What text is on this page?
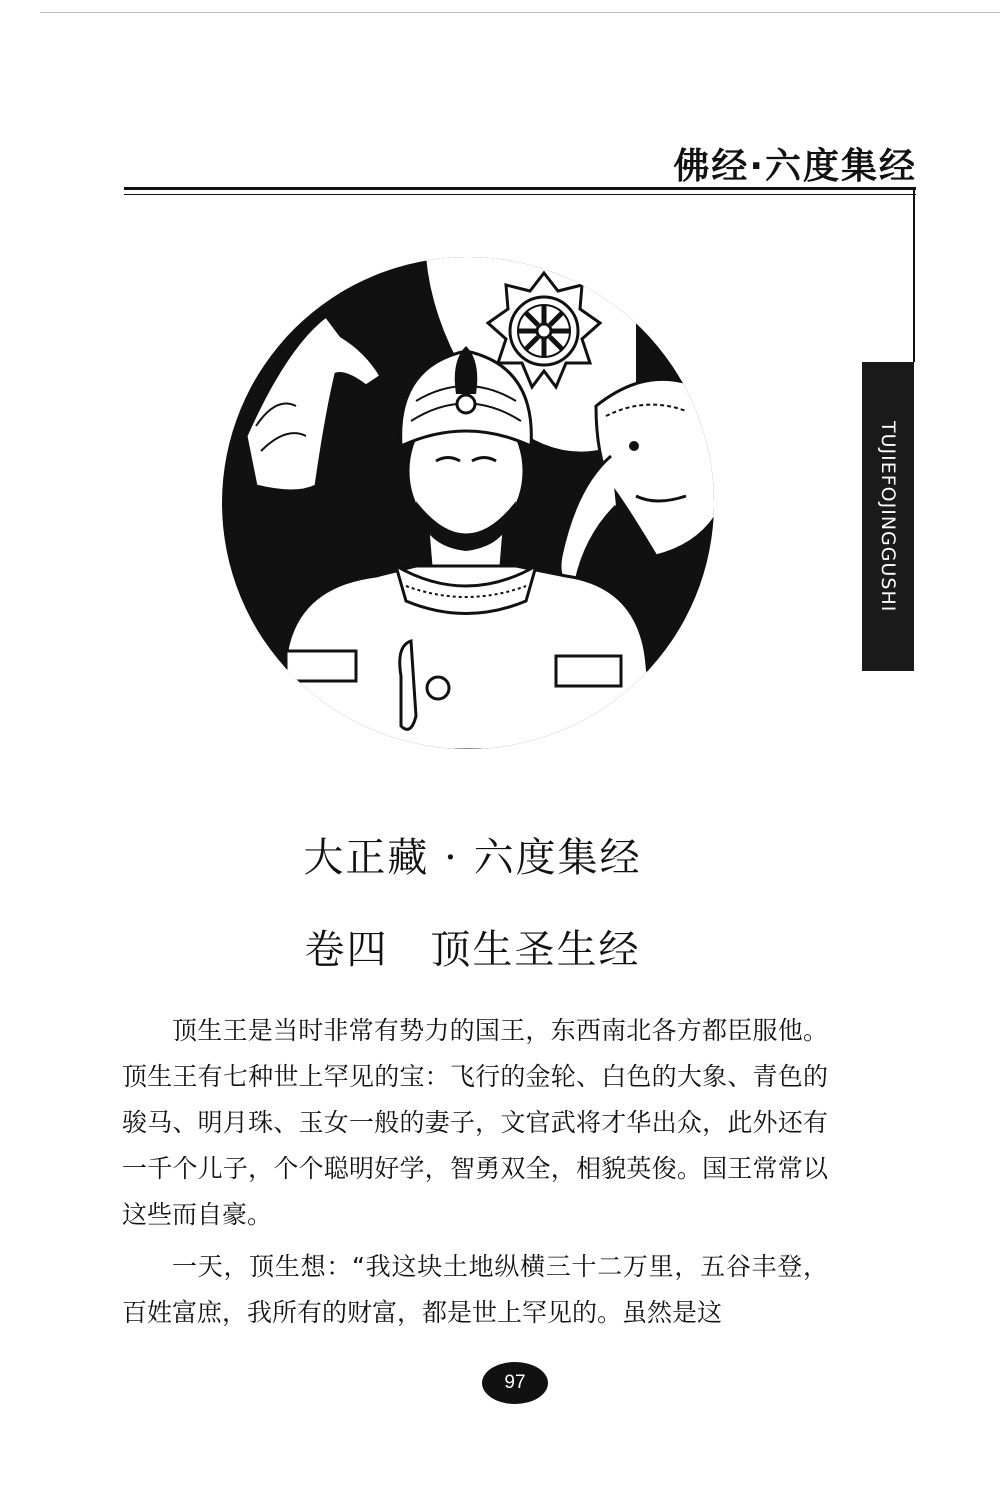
佛经·六度集经
TUJIEFOJINGGUSHI
大正藏 · 六度集经
卷四　顶生圣生经

顶生王是当时非常有势力的国王，东西南北各方都臣服他。顶生王有七种世上罕见的宝：飞行的金轮、白色的大象、青色的骏马、明月珠、玉女一般的妻子，文官武将才华出众，此外还有一千个儿子，个个聪明好学，智勇双全，相貌英俊。国王常常以这些而自豪。

一天，顶生想：“我这块土地纵横三十二万里，五谷丰登，百姓富庶，我所有的财富，都是世上罕见的。虽然是这

97
